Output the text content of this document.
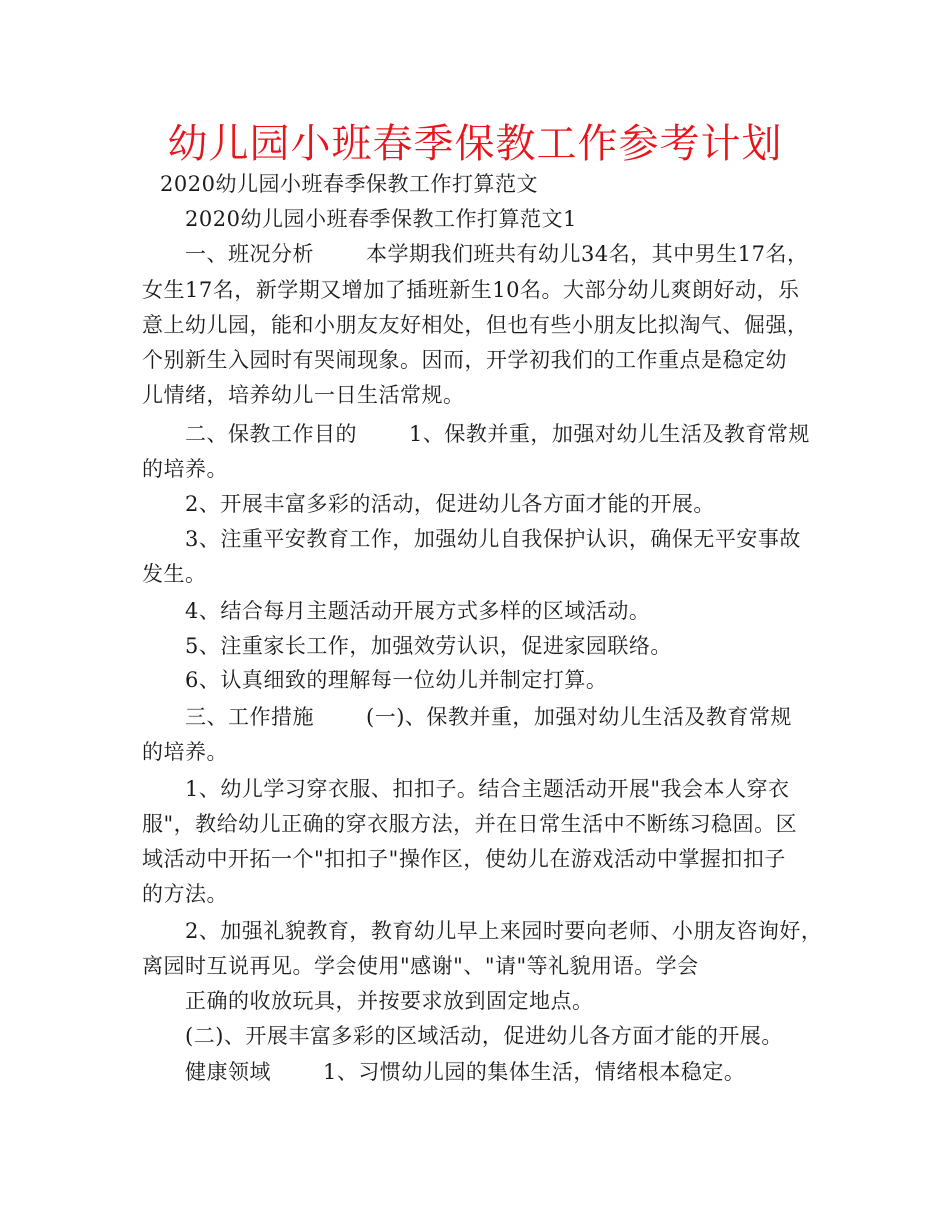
幼儿园小班春季保教工作参考计划
2020幼儿园小班春季保教工作打算范文
2020幼儿园小班春季保教工作打算范文1
一、班况分析 本学期我们班共有幼儿34名，其中男生17名，
女生17名，新学期又增加了插班新生10名。大部分幼儿爽朗好动，乐
意上幼儿园，能和小朋友友好相处，但也有些小朋友比拟淘气、倔强，
个别新生入园时有哭闹现象。因而，开学初我们的工作重点是稳定幼
儿情绪，培养幼儿一日生活常规。
二、保教工作目的 1、保教并重，加强对幼儿生活及教育常规
的培养。
2、开展丰富多彩的活动，促进幼儿各方面才能的开展。
3、注重平安教育工作，加强幼儿自我保护认识，确保无平安事故
发生。
4、结合每月主题活动开展方式多样的区域活动。
5、注重家长工作，加强效劳认识，促进家园联络。
6、认真细致的理解每一位幼儿并制定打算。
三、工作措施 (一)、保教并重，加强对幼儿生活及教育常规
的培养。
1、幼儿学习穿衣服、扣扣子。结合主题活动开展"我会本人穿衣
服"，教给幼儿正确的穿衣服方法，并在日常生活中不断练习稳固。区
域活动中开拓一个"扣扣子"操作区，使幼儿在游戏活动中掌握扣扣子
的方法。
2、加强礼貌教育，教育幼儿早上来园时要向老师、小朋友咨询好，
离园时互说再见。学会使用"感谢"、"请"等礼貌用语。学会
正确的收放玩具，并按要求放到固定地点。
(二)、开展丰富多彩的区域活动，促进幼儿各方面才能的开展。
健康领域 1、习惯幼儿园的集体生活，情绪根本稳定。
